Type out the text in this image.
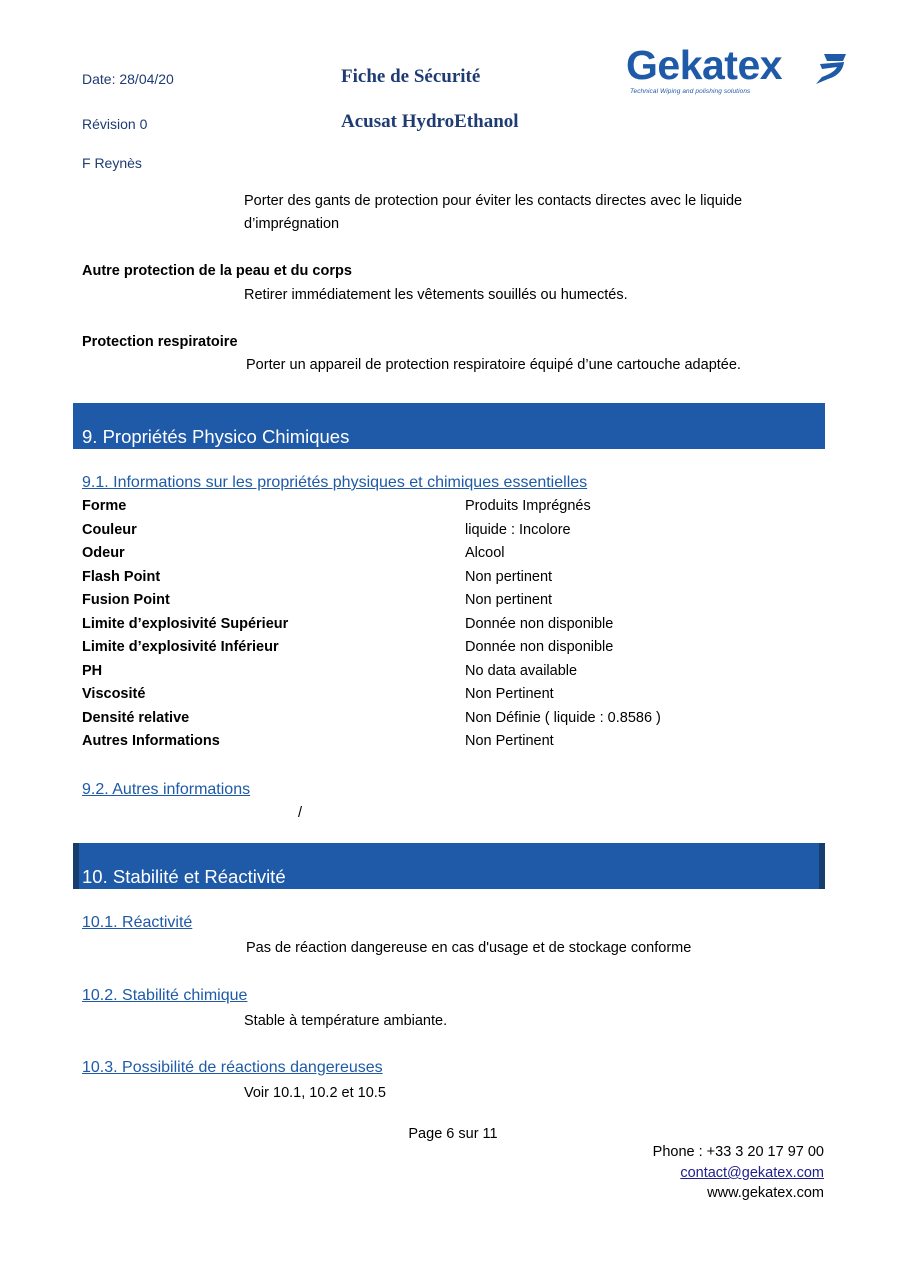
Date: 28/04/20
Révision 0
F Reynès
Fiche de Sécurité
Acusat HydroEthanol
Gekatex
Technical Wiping and polishing solutions
Porter des gants de protection pour éviter les contacts directes avec le liquide
d’imprégnation
Autre protection de la peau et du corps
Retirer immédiatement les vêtements souillés ou humectés.
Protection respiratoire
Porter un appareil de protection respiratoire équipé d’une cartouche adaptée.
9. Propriétés Physico Chimiques
9.1. Informations sur les propriétés physiques et chimiques essentielles
Forme	Produits Imprégnés
Couleur	liquide : Incolore
Odeur	Alcool
Flash Point	Non pertinent
Fusion Point	Non pertinent
Limite d’explosivité Supérieur	Donnée non disponible
Limite d’explosivité Inférieur	Donnée non disponible
PH	No data available
Viscosité	Non Pertinent
Densité relative	Non Définie ( liquide : 0.8586 )
Autres Informations	Non Pertinent
9.2. Autres informations
/
10. Stabilité et Réactivité
10.1. Réactivité
Pas de réaction dangereuse en cas d'usage et de stockage conforme
10.2. Stabilité chimique
Stable à température ambiante.
10.3. Possibilité de réactions dangereuses
Voir 10.1, 10.2 et 10.5
Page 6 sur 11
Phone : +33 3 20 17 97 00
contact@gekatex.com
www.gekatex.com
